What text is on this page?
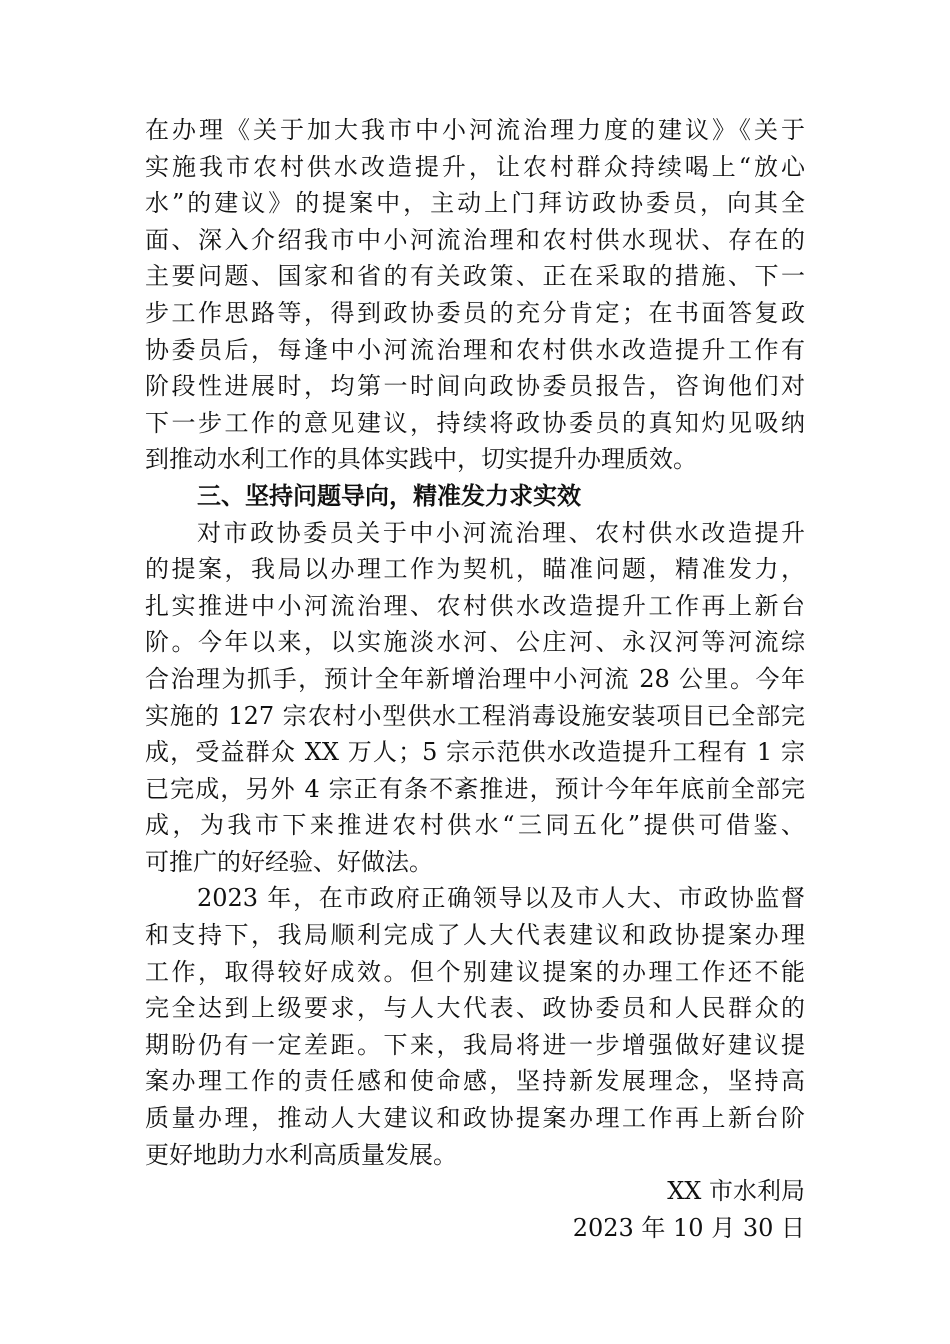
在办理《关于加大我市中小河流治理力度的建议》《关于
实施我市农村供水改造提升，让农村群众持续喝上“放心
水”的建议》的提案中，主动上门拜访政协委员，向其全
面、深入介绍我市中小河流治理和农村供水现状、存在的
主要问题、国家和省的有关政策、正在采取的措施、下一
步工作思路等，得到政协委员的充分肯定；在书面答复政
协委员后，每逢中小河流治理和农村供水改造提升工作有
阶段性进展时，均第一时间向政协委员报告，咨询他们对
下一步工作的意见建议，持续将政协委员的真知灼见吸纳
到推动水利工作的具体实践中，切实提升办理质效。
三、坚持问题导向，精准发力求实效
对市政协委员关于中小河流治理、农村供水改造提升
的提案，我局以办理工作为契机，瞄准问题，精准发力，
扎实推进中小河流治理、农村供水改造提升工作再上新台
阶。今年以来，以实施淡水河、公庄河、永汉河等河流综
合治理为抓手，预计全年新增治理中小河流 28 公里。今年
实施的 127 宗农村小型供水工程消毒设施安装项目已全部完
成，受益群众 XX 万人；5 宗示范供水改造提升工程有 1 宗
已完成，另外 4 宗正有条不紊推进，预计今年年底前全部完
成，为我市下来推进农村供水“三同五化”提供可借鉴、
可推广的好经验、好做法。
2023 年，在市政府正确领导以及市人大、市政协监督
和支持下，我局顺利完成了人大代表建议和政协提案办理
工作，取得较好成效。但个别建议提案的办理工作还不能
完全达到上级要求，与人大代表、政协委员和人民群众的
期盼仍有一定差距。下来，我局将进一步增强做好建议提
案办理工作的责任感和使命感，坚持新发展理念，坚持高
质量办理，推动人大建议和政协提案办理工作再上新台阶
更好地助力水利高质量发展。
XX 市水利局
2023 年 10 月 30 日
